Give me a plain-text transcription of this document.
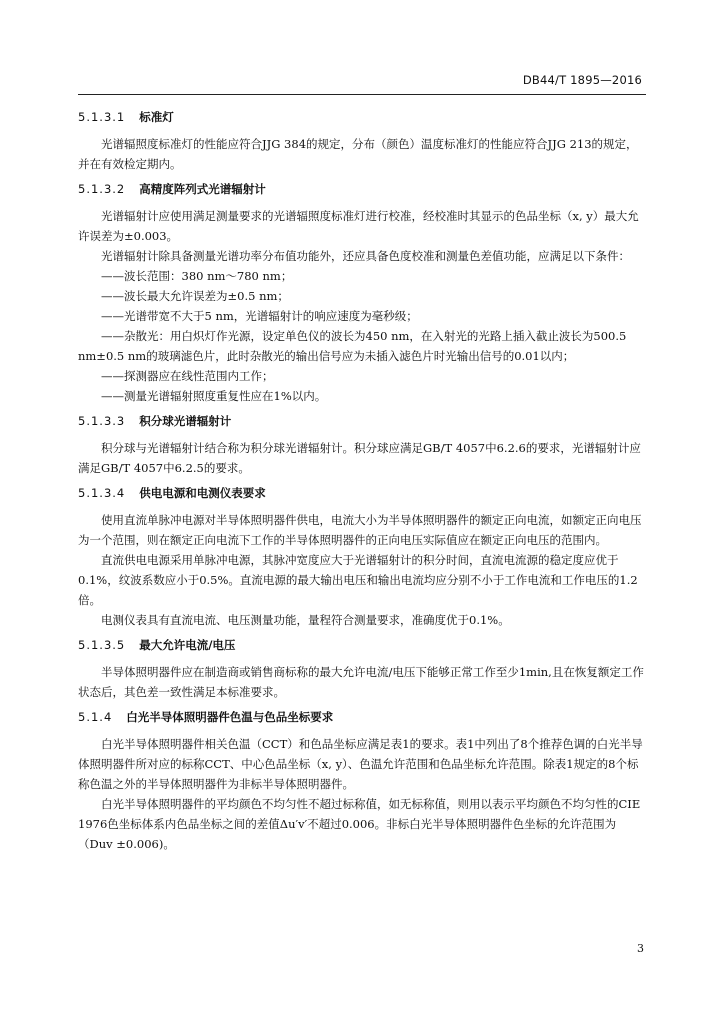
DB44/T 1895—2016
5.1.3.1 标准灯

光谱辐照度标准灯的性能应符合JJG 384的规定，分布（颜色）温度标准灯的性能应符合JJG 213的规定，并在有效检定期内。

5.1.3.2 高精度阵列式光谱辐射计

光谱辐射计应使用满足测量要求的光谱辐照度标准灯进行校准，经校准时其显示的色品坐标（x, y）最大允许误差为±0.003。

光谱辐射计除具备测量光谱功率分布值功能外，还应具备色度校准和测量色差值功能，应满足以下条件：

——波长范围：380 nm～780 nm；

——波长最大允许误差为±0.5 nm；

——光谱带宽不大于5 nm，光谱辐射计的响应速度为毫秒级；

——杂散光：用白炽灯作光源，设定单色仪的波长为450 nm，在入射光的光路上插入截止波长为500.5 nm±0.5 nm的玻璃滤色片，此时杂散光的输出信号应为未插入滤色片时光输出信号的0.01以内；

——探测器应在线性范围内工作；

——测量光谱辐射照度重复性应在1%以内。

5.1.3.3 积分球光谱辐射计

积分球与光谱辐射计结合称为积分球光谱辐射计。积分球应满足GB/T 4057中6.2.6的要求，光谱辐射计应满足GB/T 4057中6.2.5的要求。

5.1.3.4 供电电源和电测仪表要求

使用直流单脉冲电源对半导体照明器件供电，电流大小为半导体照明器件的额定正向电流，如额定正向电压为一个范围，则在额定正向电流下工作的半导体照明器件的正向电压实际值应在额定正向电压的范围内。

直流供电电源采用单脉冲电源，其脉冲宽度应大于光谱辐射计的积分时间，直流电流源的稳定度应优于0.1%，纹波系数应小于0.5%。直流电源的最大输出电压和输出电流均应分别不小于工作电流和工作电压的1.2 倍。

电测仪表具有直流电流、电压测量功能，量程符合测量要求，准确度优于0.1%。

5.1.3.5 最大允许电流/电压

半导体照明器件应在制造商或销售商标称的最大允许电流/电压下能够正常工作至少1min,且在恢复额定工作状态后，其色差一致性满足本标准要求。

5.1.4 白光半导体照明器件色温与色品坐标要求

白光半导体照明器件相关色温（CCT）和色品坐标应满足表1的要求。表1中列出了8个推荐色调的白光半导体照明器件所对应的标称CCT、中心色品坐标（x, y）、色温允许范围和色品坐标允许范围。除表1规定的8个标称色温之外的半导体照明器件为非标半导体照明器件。

白光半导体照明器件的平均颜色不均匀性不超过标称值，如无标称值，则用以表示平均颜色不均匀性的CIE 1976色坐标体系内色品坐标之间的差值Δu′v′不超过0.006。非标白光半导体照明器件色坐标的允许范围为（Duv ±0.006)。

3
